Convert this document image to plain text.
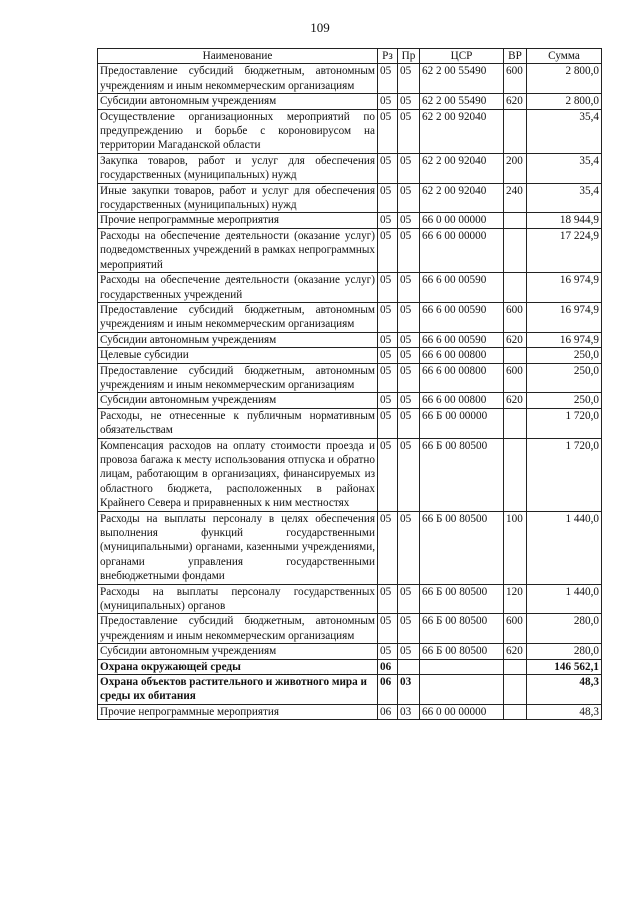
109
Наименование	Рз	Пр	ЦСР	ВР	Сумма
Предоставление субсидий бюджетным, автономным учреждениям и иным некоммерческим организациям	05	05	62 2 00 55490	600	2 800,0
Субсидии автономным учреждениям	05	05	62 2 00 55490	620	2 800,0
Осуществление организационных мероприятий по предупреждению и борьбе с короновирусом на территории Магаданской области	05	05	62 2 00 92040		35,4
Закупка товаров, работ и услуг для обеспечения государственных (муниципальных) нужд	05	05	62 2 00 92040	200	35,4
Иные закупки товаров, работ и услуг для обеспечения государственных (муниципальных) нужд	05	05	62 2 00 92040	240	35,4
Прочие непрограммные мероприятия	05	05	66 0 00 00000		18 944,9
Расходы на обеспечение деятельности (оказание услуг) подведомственных учреждений в рамках непрограммных мероприятий	05	05	66 6 00 00000		17 224,9
Расходы на обеспечение деятельности (оказание услуг) государственных учреждений	05	05	66 6 00 00590		16 974,9
Предоставление субсидий бюджетным, автономным учреждениям и иным некоммерческим организациям	05	05	66 6 00 00590	600	16 974,9
Субсидии автономным учреждениям	05	05	66 6 00 00590	620	16 974,9
Целевые субсидии	05	05	66 6 00 00800		250,0
Предоставление субсидий бюджетным, автономным учреждениям и иным некоммерческим организациям	05	05	66 6 00 00800	600	250,0
Субсидии автономным учреждениям	05	05	66 6 00 00800	620	250,0
Расходы, не отнесенные к публичным нормативным обязательствам	05	05	66 Б 00 00000		1 720,0
Компенсация расходов на оплату стоимости проезда и провоза багажа к месту использования отпуска и обратно лицам, работающим в организациях, финансируемых из областного бюджета, расположенных в районах Крайнего Севера и приравненных к ним местностях	05	05	66 Б 00 80500		1 720,0
Расходы на выплаты персоналу в целях обеспечения выполнения функций государственными (муниципальными) органами, казенными учреждениями, органами управления государственными внебюджетными фондами	05	05	66 Б 00 80500	100	1 440,0
Расходы на выплаты персоналу государственных (муниципальных) органов	05	05	66 Б 00 80500	120	1 440,0
Предоставление субсидий бюджетным, автономным учреждениям и иным некоммерческим организациям	05	05	66 Б 00 80500	600	280,0
Субсидии автономным учреждениям	05	05	66 Б 00 80500	620	280,0
Охрана окружающей среды	06				146 562,1
Охрана объектов растительного и животного мира и среды их обитания	06	03			48,3
Прочие непрограммные мероприятия	06	03	66 0 00 00000		48,3
